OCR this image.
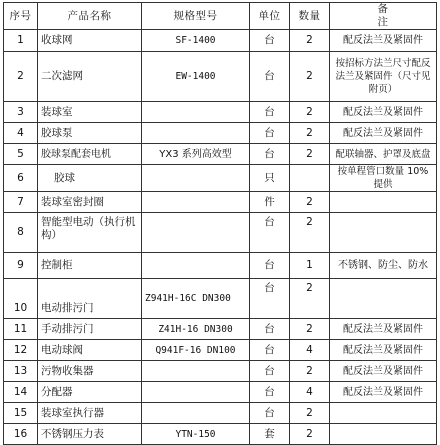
序号	产品名称	规格型号	单位	数量	备注
1	收球网	SF-1400	台	2	配反法兰及紧固件
2	二次滤网	EW-1400	台	2	按招标方法兰尺寸配反法兰及紧固件（尺寸见附页）
3	装球室		台	2	配反法兰及紧固件
4	胶球泵		台	2	配反法兰及紧固件
5	胶球泵配套电机	YX3 系列高效型	台	2	配联轴器、护罩及底盘
6	胶球		只		按单程管口数量 10%提供
7	装球室密封圈		件	2	
8	智能型电动（执行机构）		台	2	
9	控制柜		台	1	不锈钢、防尘、防水
10	电动排污门	Z941H-16C DN300	台	2	
11	手动排污门	Z41H-16 DN300	台	2	配反法兰及紧固件
12	电动球阀	Q941F-16 DN100	台	4	配反法兰及紧固件
13	污物收集器		台	2	配反法兰及紧固件
14	分配器		台	4	配反法兰及紧固件
15	装球室执行器		台	2	
16	不锈钢压力表	YTN-150	套	2	
